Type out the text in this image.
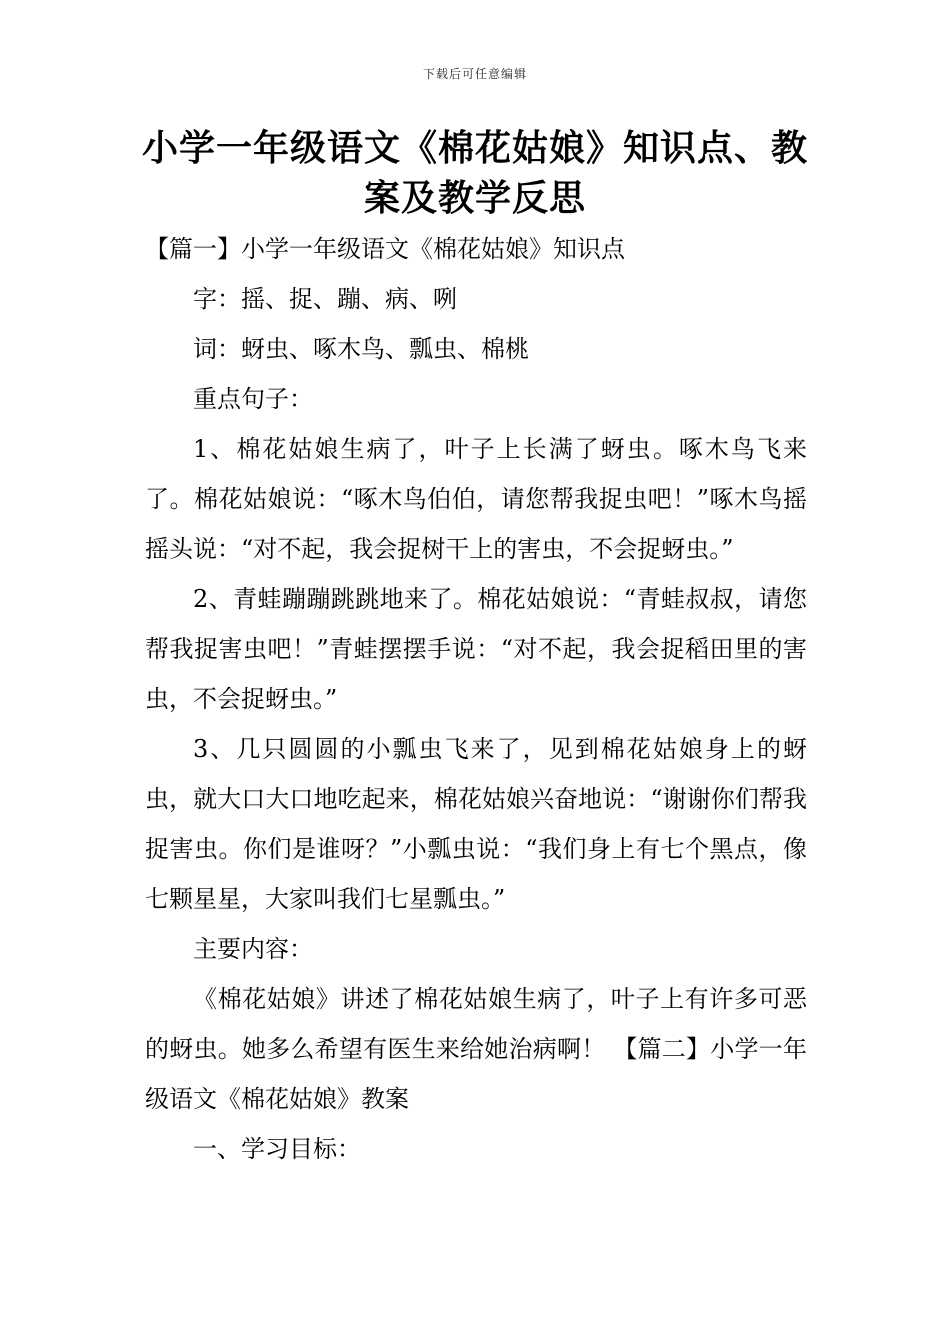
下载后可任意编辑
小学一年级语文《棉花姑娘》知识点、教案及教学反思

【篇一】小学一年级语文《棉花姑娘》知识点

字：摇、捉、蹦、病、咧

词：蚜虫、啄木鸟、瓢虫、棉桃

重点句子：

1、棉花姑娘生病了，叶子上长满了蚜虫。啄木鸟飞来了。棉花姑娘说：“啄木鸟伯伯，请您帮我捉虫吧！”啄木鸟摇摇头说：“对不起，我会捉树干上的害虫，不会捉蚜虫。”

2、青蛙蹦蹦跳跳地来了。棉花姑娘说：“青蛙叔叔，请您帮我捉害虫吧！”青蛙摆摆手说：“对不起，我会捉稻田里的害虫，不会捉蚜虫。”

3、几只圆圆的小瓢虫飞来了，见到棉花姑娘身上的蚜虫，就大口大口地吃起来，棉花姑娘兴奋地说：“谢谢你们帮我捉害虫。你们是谁呀？”小瓢虫说：“我们身上有七个黑点，像七颗星星，大家叫我们七星瓢虫。”

主要内容：

《棉花姑娘》讲述了棉花姑娘生病了，叶子上有许多可恶的蚜虫。她多么希望有医生来给她治病啊！ 【篇二】小学一年级语文《棉花姑娘》教案

一、学习目标：
